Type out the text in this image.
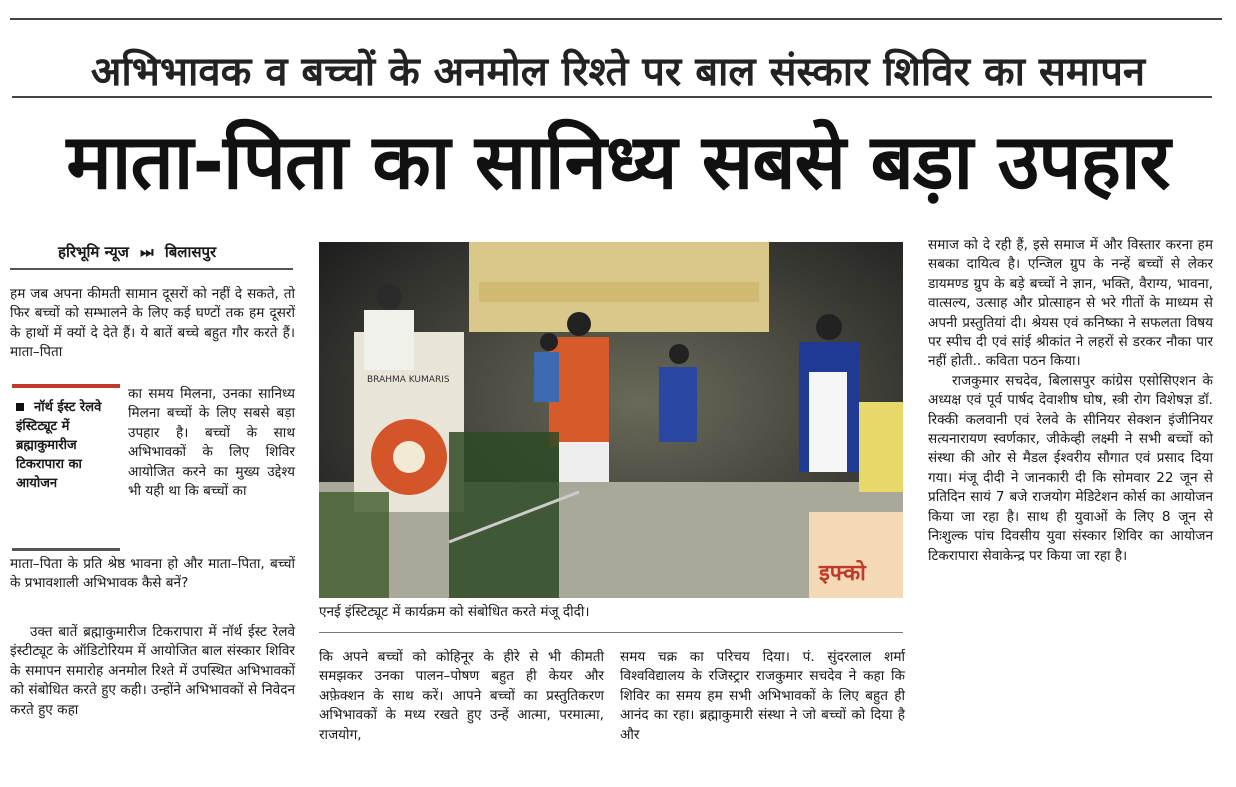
अभिभावक व बच्चों के अनमोल रिश्ते पर बाल संस्कार शिविर का समापन
माता-पिता का सानिध्य सबसे बड़ा उपहार
हरिभूमि न्यूज ⏭ बिलासपुर
हम जब अपना कीमती सामान दूसरों को नहीं दे सकते, तो फिर बच्चों को सम्भालने के लिए कई घण्टों तक हम दूसरों के हाथों में क्यों दे देते हैं। ये बातें बच्चे बहुत गौर करते हैं। माता–पिता
नॉर्थ ईस्ट रेलवे इंस्टिट्यूट में ब्रह्माकुमारीज टिकरापारा का आयोजन
का समय मिलना, उनका सानिध्य मिलना बच्चों के लिए सबसे बड़ा उपहार है। बच्चों के साथ अभिभावकों के लिए शिविर आयोजित करने का मुख्य उद्देश्य भी यही था कि बच्चों का
माता–पिता के प्रति श्रेष्ठ भावना हो और माता–पिता, बच्चों के प्रभावशाली अभिभावक कैसे बनें?
उक्त बातें ब्रह्माकुमारीज टिकरापारा में नॉर्थ ईस्ट रेलवे इंस्टीट्यूट के ऑडिटोरियम में आयोजित बाल संस्कार शिविर के समापन समारोह अनमोल रिश्ते में उपस्थित अभिभावकों को संबोधित करते हुए कही। उन्होंने अभिभावकों से निवेदन करते हुए कहा
BRAHMA KUMARIS
इफ्को
एनई इंस्टिट्यूट में कार्यक्रम को संबोधित करते मंजू दीदी।
कि अपने बच्चों को कोहिनूर के हीरे से भी कीमती समझकर उनका पालन–पोषण बहुत ही केयर और अफ़ेक्शन के साथ करें। आपने बच्चों का प्रस्तुतिकरण अभिभावकों के मध्य रखते हुए उन्हें आत्मा, परमात्मा, राजयोग,
समय चक्र का परिचय दिया। पं. सुंदरलाल शर्मा विश्वविद्यालय के रजिस्ट्रार राजकुमार सचदेव ने कहा कि शिविर का समय हम सभी अभिभावकों के लिए बहुत ही आनंद का रहा। ब्रह्माकुमारी संस्था ने जो बच्चों को दिया है और
समाज को दे रही हैं, इसे समाज में और विस्तार करना हम सबका दायित्व है। एन्जिल ग्रुप के नन्हें बच्चों से लेकर डायमण्ड ग्रुप के बड़े बच्चों ने ज्ञान, भक्ति, वैराग्य, भावना, वात्सल्य, उत्साह और प्रोत्साहन से भरे गीतों के माध्यम से अपनी प्रस्तुतियां दी। श्रेयस एवं कनिष्का ने सफलता विषय पर स्पीच दी एवं सांई श्रीकांत ने लहरों से डरकर नौका पार नहीं होती.. कविता पठन किया।
राजकुमार सचदेव, बिलासपुर कांग्रेस एसोसिएशन के अध्यक्ष एवं पूर्व पार्षद देवाशीष घोष, स्त्री रोग विशेषज्ञ डॉ. रिक्की कलवानी एवं रेलवे के सीनियर सेक्शन इंजीनियर सत्यनारायण स्वर्णकार, जीकेव्ही लक्ष्मी ने सभी बच्चों को संस्था की ओर से मैडल ईश्वरीय सौगात एवं प्रसाद दिया गया। मंजू दीदी ने जानकारी दी कि सोमवार 22 जून से प्रतिदिन सायं 7 बजे राजयोग मेडिटेशन कोर्स का आयोजन किया जा रहा है। साथ ही युवाओं के लिए 8 जून से निःशुल्क पांच दिवसीय युवा संस्कार शिविर का आयोजन टिकरापारा सेवाकेन्द्र पर किया जा रहा है।
